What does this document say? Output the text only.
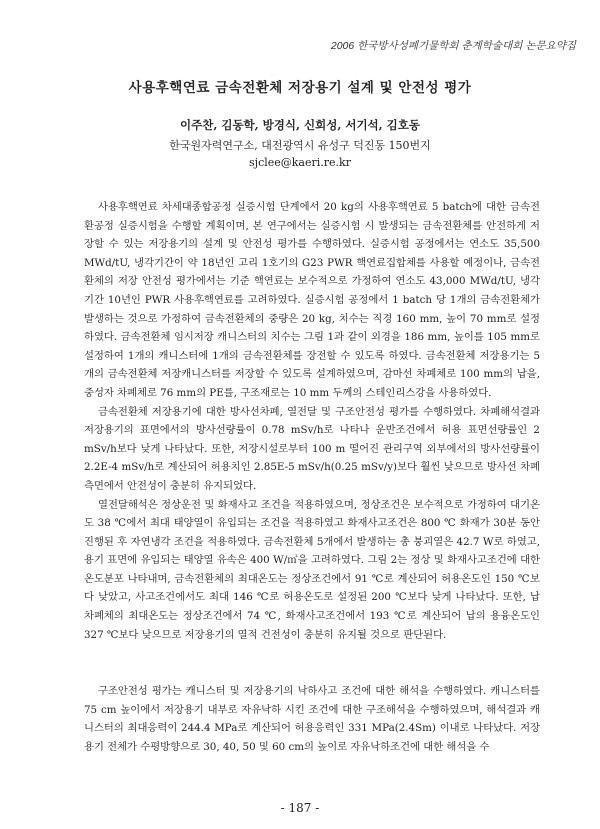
2006 한국방사성폐기물학회 춘계학술대회 논문요약집
사용후핵연료 금속전환체 저장용기 설계 및 안전성 평가
이주찬, 김동학, 방경식, 신희성, 서기석, 김호동
한국원자력연구소, 대전광역시 유성구 덕진동 150번지
sjclee@kaeri.re.kr

사용후핵연료 차세대종합공정 실증시험 단계에서 20 kg의 사용후핵연료 5 batch에 대한 금속전환공정 실증시험을 수행할 계획이며, 본 연구에서는 실증시험 시 발생되는 금속전환체를 안전하게 저장할 수 있는 저장용기의 설계 및 안전성 평가를 수행하였다. 실증시험 공정에서는 연소도 35,500 MWd/tU, 냉각기간이 약 18년인 고리 1호기의 G23 PWR 핵연료집합체를 사용할 예정이나, 금속전환체의 저장 안전성 평가에서는 기준 핵연료는 보수적으로 가정하여 연소도 43,000 MWd/tU, 냉각기간 10년인 PWR 사용후핵연료를 고려하였다. 실증시험 공정에서 1 batch 당 1개의 금속전환체가 발생하는 것으로 가정하여 금속전환체의 중량은 20 kg, 치수는 직경 160 mm, 높이 70 mm로 설정하였다. 금속전환체 임시저장 캐니스터의 치수는 그림 1과 같이 외경을 186 mm, 높이를 105 mm로 설정하여 1개의 캐니스터에 1개의 금속전환체를 장전할 수 있도록 하였다. 금속전환체 저장용기는 5개의 금속전환체 저장캐니스터를 저장할 수 있도록 설계하였으며, 감마선 차폐체로 100 mm의 납을, 중성자 차폐체로 76 mm의 PE를, 구조재로는 10 mm 두께의 스테인리스강을 사용하였다.

금속전환체 저장용기에 대한 방사선차폐, 열전달 및 구조안전성 평가를 수행하였다. 차폐해석결과 저장용기의 표면에서의 방사선량률이 0.78 mSv/h로 나타나 운반조건에서 허용 표면선량률인 2 mSv/h보다 낮게 나타났다. 또한, 저장시설로부터 100 m 떨어진 관리구역 외부에서의 방사선량률이 2.2E-4 mSv/h로 계산되어 허용치인 2.85E-5 mSv/h(0.25 mSv/y)보다 훨씬 낮으므로 방사선 차폐 측면에서 안전성이 충분히 유지되었다.

열전달해석은 정상운전 및 화재사고 조건을 적용하였으며, 정상조건은 보수적으로 가정하여 대기온도 38 ℃에서 최대 태양열이 유입되는 조건을 적용하였고 화재사고조건은 800 ℃ 화재가 30분 동안 진행된 후 자연냉각 조건을 적용하였다. 금속전환체 5개에서 발생하는 총 붕괴열은 42.7 W로 하였고, 용기 표면에 유입되는 태양열 유속은 400 W/㎡을 고려하였다. 그림 2는 정상 및 화재사고조건에 대한 온도분포 나타내며, 금속전환체의 최대온도는 정상조건에서 91 ℃로 계산되어 허용온도인 150 ℃보다 낮았고, 사고조건에서도 최대 146 ℃로 허용온도로 설정된 200 ℃보다 낮게 나타났다. 또한, 납 차폐체의 최대온도는 정상조건에서 74 ℃, 화재사고조건에서 193 ℃로 계산되어 납의 용융온도인 327 ℃보다 낮으므로 저장용기의 열적 건전성이 충분히 유지될 것으로 판단된다.

구조안전성 평가는 캐니스터 및 저장용기의 낙하사고 조건에 대한 해석을 수행하였다. 캐니스터를 75 cm 높이에서 저장용기 내부로 자유낙하 시킨 조건에 대한 구조해석을 수행하였으며, 해석결과 캐니스터의 최대응력이 244.4 MPa로 계산되어 허용응력인 331 MPa(2.4Sm) 이내로 나타났다. 저장용기 전체가 수평방향으로 30, 40, 50 및 60 cm의 높이로 자유낙하조건에 대한 해석을 수

- 187 -
